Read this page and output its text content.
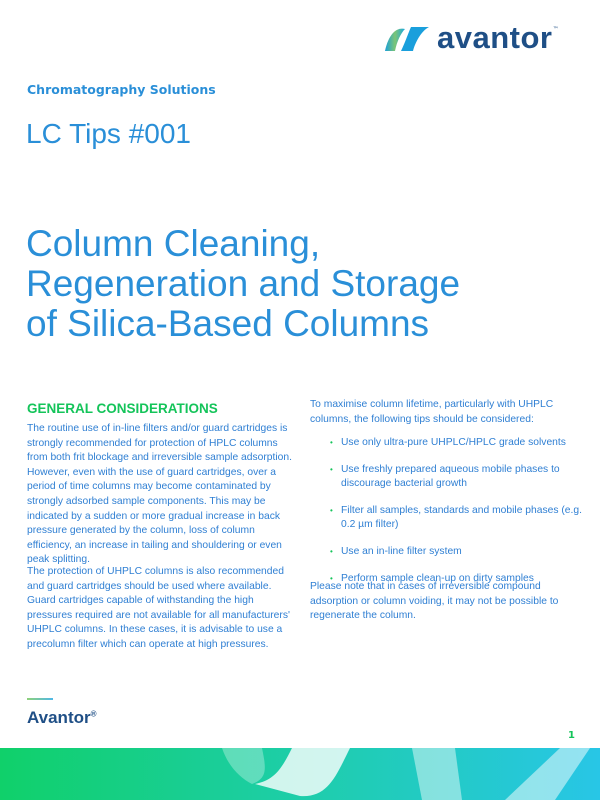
avantor ™
Chromatography Solutions
LC Tips #001
Column Cleaning, Regeneration and Storage of Silica-Based Columns
GENERAL CONSIDERATIONS

The routine use of in-line filters and/or guard cartridges is strongly recommended for protection of HPLC columns from both frit blockage and irreversible sample adsorption. However, even with the use of guard cartridges, over a period of time columns may become contaminated by strongly adsorbed sample components. This may be indicated by a sudden or more gradual increase in back pressure generated by the column, loss of column efficiency, an increase in tailing and shouldering or even peak splitting.

The protection of UHPLC columns is also recommended and guard cartridges should be used where available. Guard cartridges capable of withstanding the high pressures required are not available for all manufacturers' UHPLC columns. In these cases, it is advisable to use a precolumn filter which can operate at high pressures.

To maximise column lifetime, particularly with UHPLC columns, the following tips should be considered:

• Use only ultra-pure UHPLC/HPLC grade solvents
• Use freshly prepared aqueous mobile phases to discourage bacterial growth
• Filter all samples, standards and mobile phases (e.g. 0.2 µm filter)
• Use an in-line filter system
• Perform sample clean-up on dirty samples

Please note that in cases of irreversible compound adsorption or column voiding, it may not be possible to regenerate the column.

Avantor®
1
